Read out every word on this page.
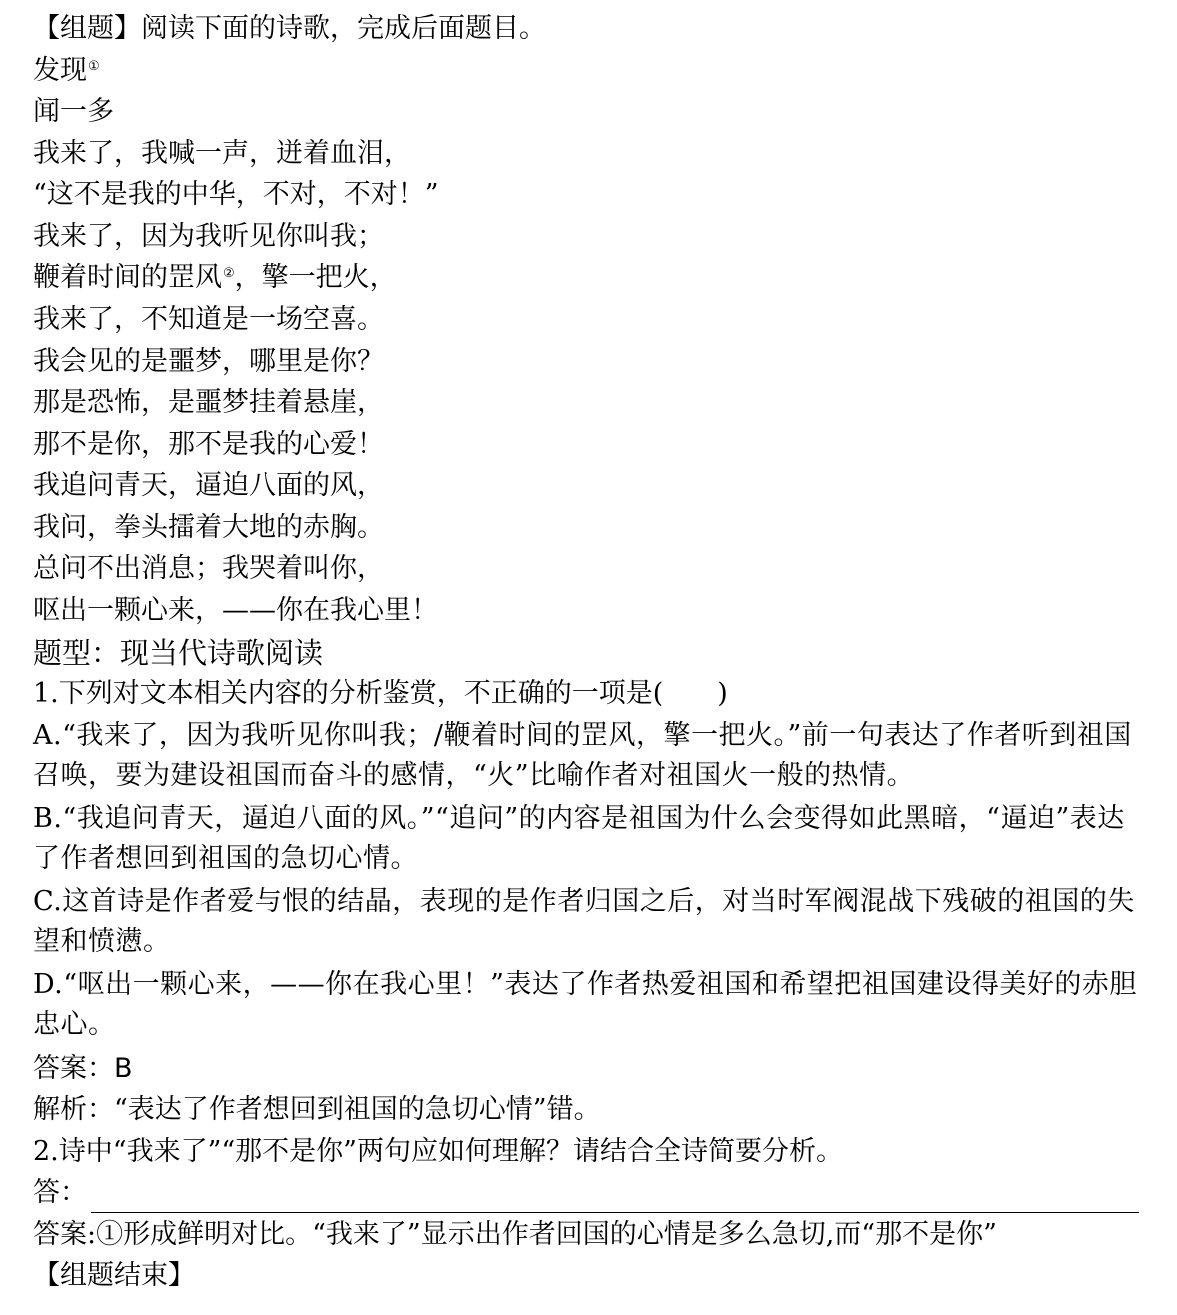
【组题】阅读下面的诗歌，完成后面题目。
发现①
闻一多
我来了，我喊一声，迸着血泪，
“这不是我的中华，不对，不对！”
我来了，因为我听见你叫我；
鞭着时间的罡风②，擎一把火，
我来了，不知道是一场空喜。
我会见的是噩梦，哪里是你？
那是恐怖，是噩梦挂着悬崖，
那不是你，那不是我的心爱！
我追问青天，逼迫八面的风，
我问，拳头擂着大地的赤胸。
总问不出消息；我哭着叫你，
呕出一颗心来，——你在我心里！
题型：现当代诗歌阅读
1.下列对文本相关内容的分析鉴赏，不正确的一项是(　　)
A.“我来了，因为我听见你叫我；/鞭着时间的罡风，擎一把火。”前一句表达了作者听到祖国召唤，要为建设祖国而奋斗的感情，“火”比喻作者对祖国火一般的热情。
B.“我追问青天，逼迫八面的风。”“追问”的内容是祖国为什么会变得如此黑暗，“逼迫”表达了作者想回到祖国的急切心情。
C.这首诗是作者爱与恨的结晶，表现的是作者归国之后，对当时军阀混战下残破的祖国的失望和愤懑。
D.“呕出一颗心来，——你在我心里！”表达了作者热爱祖国和希望把祖国建设得美好的赤胆忠心。
答案：B
解析：“表达了作者想回到祖国的急切心情”错。
2.诗中“我来了”“那不是你”两句应如何理解？请结合全诗简要分析。
答：
答案:①形成鲜明对比。“我来了”显示出作者回国的心情是多么急切,而“那不是你”
【组题结束】
